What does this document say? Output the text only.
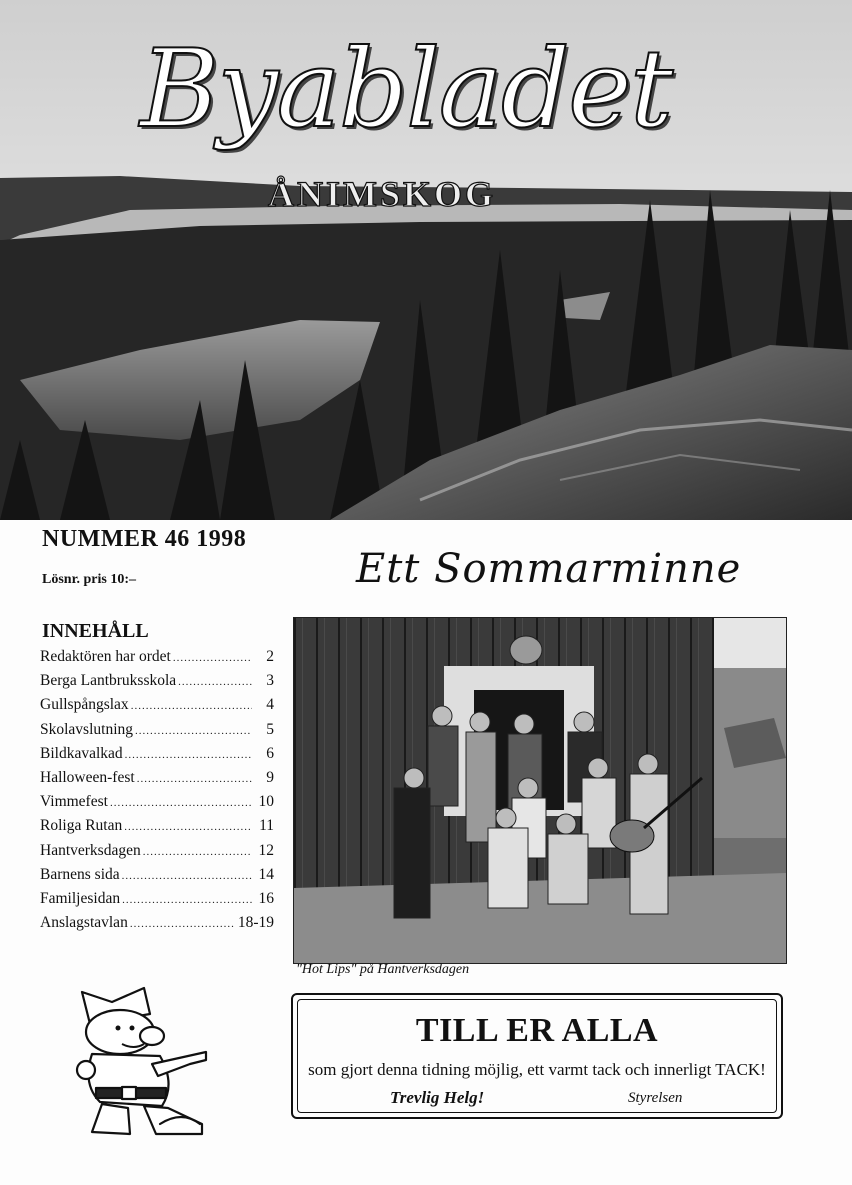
Byabladet
ÅNIMSKOG
NUMMER 46 1998
Lösnr. pris 10:–
INNEHÅLL
Redaktören har ordet .....	2
Berga Lantbruksskola .....	3
Gullspångslax .....	4
Skolavslutning .....	5
Bildkavalkad .....	6
Halloween-fest .....	9
Vimmefest .....	10
Roliga Rutan .....	11
Hantverksdagen .....	12
Barnens sida .....	14
Familjesidan .....	16
Anslagstavlan .....	18-19
Ett Sommarminne
"Hot Lips" på Hantverksdagen
TILL ER ALLA
som gjort denna tidning möjlig, ett varmt tack och innerligt TACK!
Trevlig Helg!	Styrelsen
